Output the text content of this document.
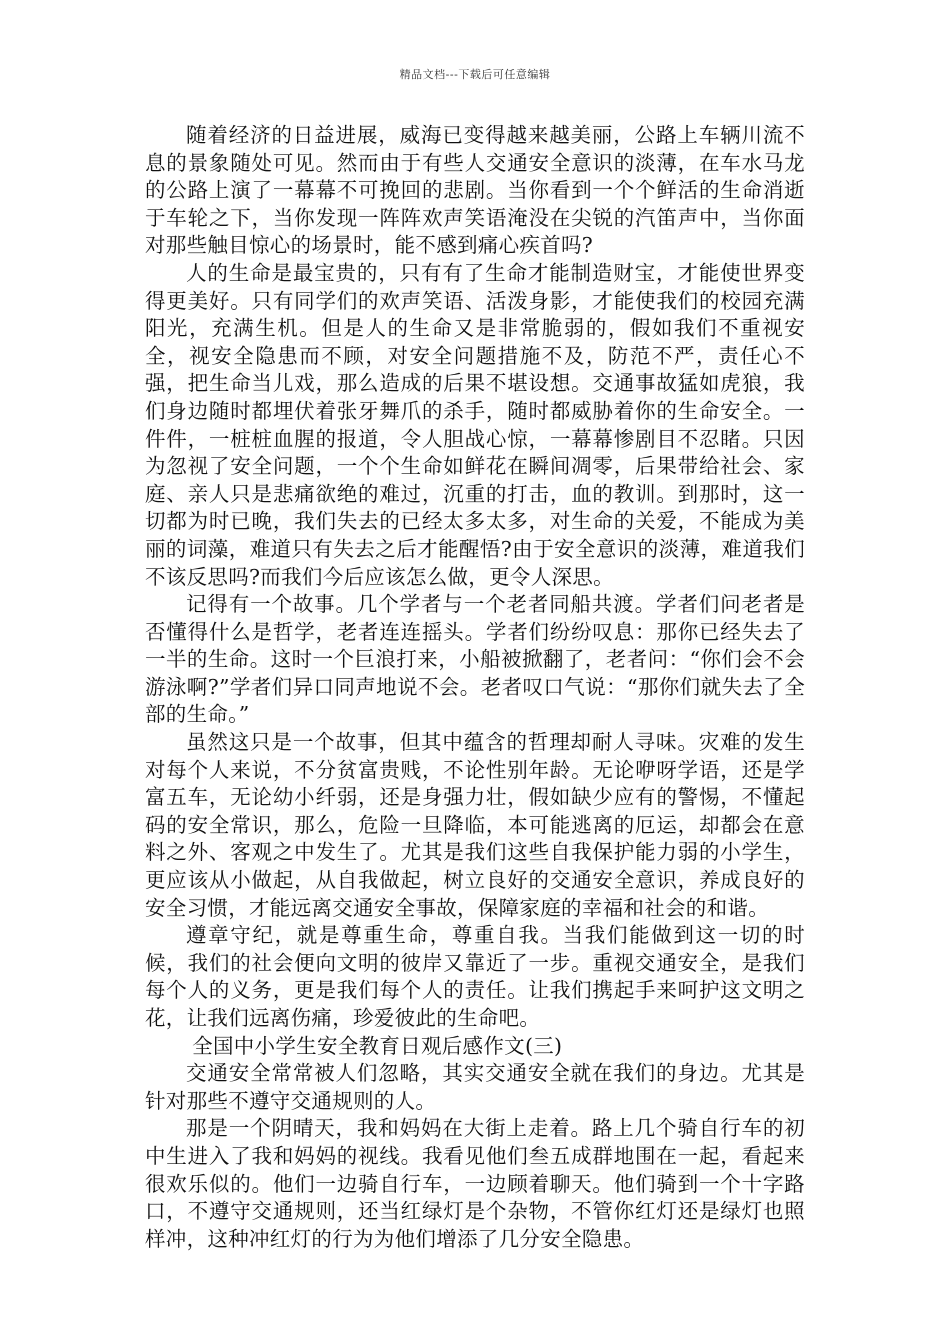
精品文档---下载后可任意编辑

随着经济的日益进展，威海已变得越来越美丽，公路上车辆川流不息的景象随处可见。然而由于有些人交通安全意识的淡薄，在车水马龙的公路上演了一幕幕不可挽回的悲剧。当你看到一个个鲜活的生命消逝于车轮之下，当你发现一阵阵欢声笑语淹没在尖锐的汽笛声中，当你面对那些触目惊心的场景时，能不感到痛心疾首吗?

人的生命是最宝贵的，只有有了生命才能制造财宝，才能使世界变得更美好。只有同学们的欢声笑语、活泼身影，才能使我们的校园充满阳光，充满生机。但是人的生命又是非常脆弱的，假如我们不重视安全，视安全隐患而不顾，对安全问题措施不及，防范不严，责任心不强，把生命当儿戏，那么造成的后果不堪设想。交通事故猛如虎狼，我们身边随时都埋伏着张牙舞爪的杀手，随时都威胁着你的生命安全。一件件，一桩桩血腥的报道，令人胆战心惊，一幕幕惨剧目不忍睹。只因为忽视了安全问题，一个个生命如鲜花在瞬间凋零，后果带给社会、家庭、亲人只是悲痛欲绝的难过，沉重的打击，血的教训。到那时，这一切都为时已晚，我们失去的已经太多太多，对生命的关爱，不能成为美丽的词藻，难道只有失去之后才能醒悟?由于安全意识的淡薄，难道我们不该反思吗?而我们今后应该怎么做，更令人深思。

记得有一个故事。几个学者与一个老者同船共渡。学者们问老者是否懂得什么是哲学，老者连连摇头。学者们纷纷叹息：那你已经失去了一半的生命。这时一个巨浪打来，小船被掀翻了，老者问：“你们会不会游泳啊?”学者们异口同声地说不会。老者叹口气说：“那你们就失去了全部的生命。”

虽然这只是一个故事，但其中蕴含的哲理却耐人寻味。灾难的发生对每个人来说，不分贫富贵贱，不论性别年龄。无论咿呀学语，还是学富五车，无论幼小纤弱，还是身强力壮，假如缺少应有的警惕，不懂起码的安全常识，那么，危险一旦降临，本可能逃离的厄运，却都会在意料之外、客观之中发生了。尤其是我们这些自我保护能力弱的小学生，更应该从小做起，从自我做起，树立良好的交通安全意识，养成良好的安全习惯，才能远离交通安全事故，保障家庭的幸福和社会的和谐。

遵章守纪，就是尊重生命，尊重自我。当我们能做到这一切的时候，我们的社会便向文明的彼岸又靠近了一步。重视交通安全，是我们每个人的义务，更是我们每个人的责任。让我们携起手来呵护这文明之花，让我们远离伤痛，珍爱彼此的生命吧。

全国中小学生安全教育日观后感作文(三)

交通安全常常被人们忽略，其实交通安全就在我们的身边。尤其是针对那些不遵守交通规则的人。

那是一个阴晴天，我和妈妈在大街上走着。路上几个骑自行车的初中生进入了我和妈妈的视线。我看见他们叁五成群地围在一起，看起来很欢乐似的。他们一边骑自行车，一边顾着聊天。他们骑到一个十字路口，不遵守交通规则，还当红绿灯是个杂物，不管你红灯还是绿灯也照样冲，这种冲红灯的行为为他们增添了几分安全隐患。
